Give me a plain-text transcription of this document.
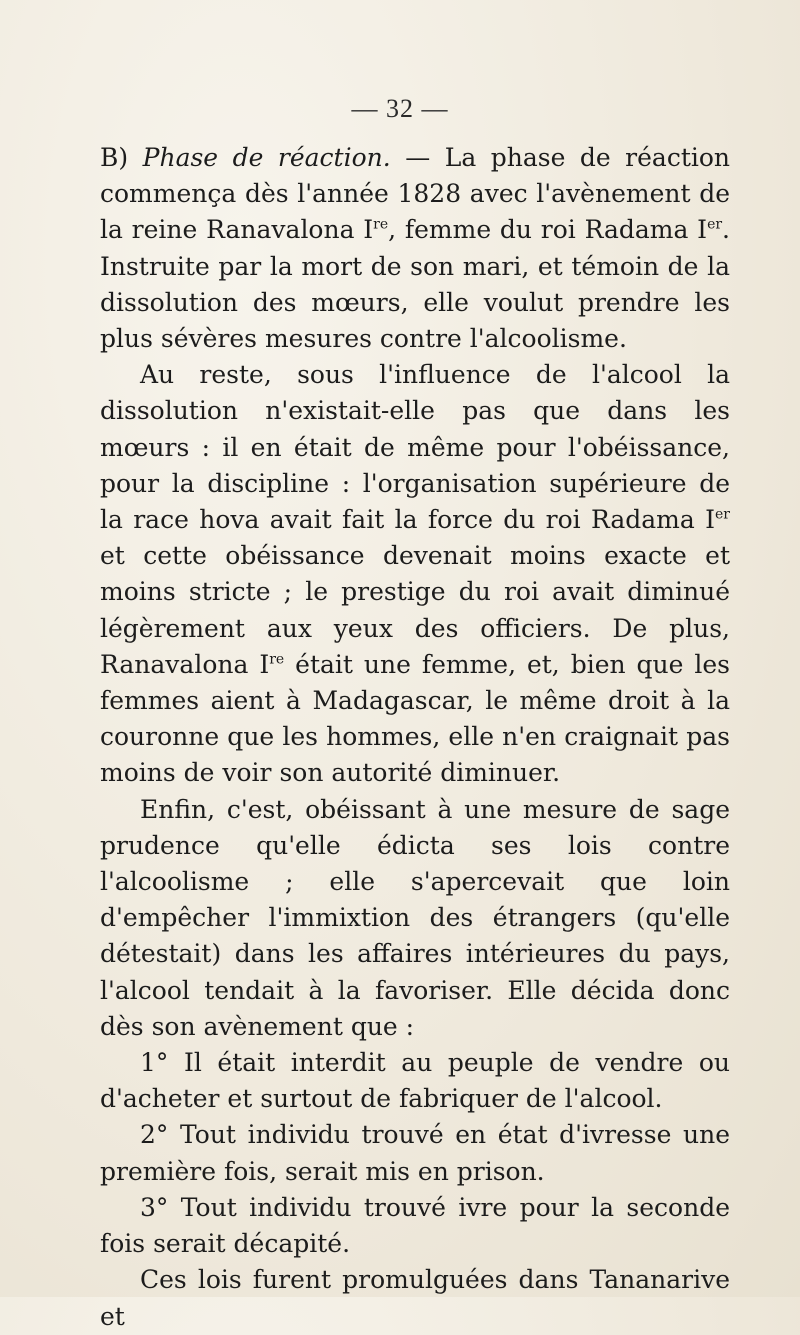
— 32 —

B) Phase de réaction. — La phase de réaction commença dès l'année 1828 avec l'avènement de la reine Ranavalona Ire, femme du roi Radama Ier. Instruite par la mort de son mari, et témoin de la dissolution des mœurs, elle voulut prendre les plus sévères mesures contre l'alcoolisme.

Au reste, sous l'influence de l'alcool la dissolution n'existait-elle pas que dans les mœurs : il en était de même pour l'obéissance, pour la discipline : l'organisation supérieure de la race hova avait fait la force du roi Radama Ier et cette obéissance devenait moins exacte et moins stricte ; le prestige du roi avait diminué légèrement aux yeux des officiers. De plus, Ranavalona Ire était une femme, et, bien que les femmes aient à Madagascar, le même droit à la couronne que les hommes, elle n'en craignait pas moins de voir son autorité diminuer.

Enfin, c'est, obéissant à une mesure de sage prudence qu'elle édicta ses lois contre l'alcoolisme ; elle s'apercevait que loin d'empêcher l'immixtion des étrangers (qu'elle détestait) dans les affaires intérieures du pays, l'alcool tendait à la favoriser. Elle décida donc dès son avènement que :

1° Il était interdit au peuple de vendre ou d'acheter et surtout de fabriquer de l'alcool.

2° Tout individu trouvé en état d'ivresse une première fois, serait mis en prison.

3° Tout individu trouvé ivre pour la seconde fois serait décapité.

Ces lois furent promulguées dans Tananarive et
